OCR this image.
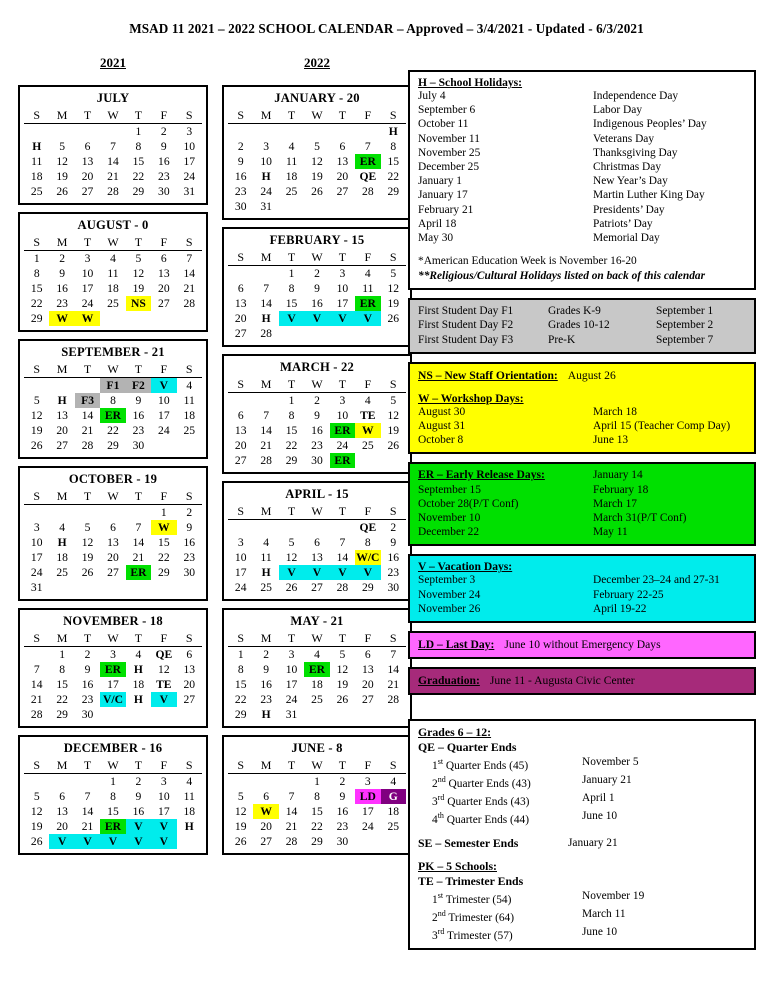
MSAD 11 2021 – 2022 SCHOOL CALENDAR – Approved – 3/4/2021 - Updated - 6/3/2021
2021	2022
JULY
S	M	T	W	T	F	S

				1	2	3

H	5	6	7	8	9	10

11	12	13	14	15	16	17

18	19	20	21	22	23	24

25	26	27	28	29	30	31
AUGUST - 0
S	M	T	W	T	F	S

1	2	3	4	5	6	7

8	9	10	11	12	13	14

15	16	17	18	19	20	21

22	23	24	25	NS	27	28

29	W	W				

SEPTEMBER - 21
S	M	T	W	T	F	S

			F1	F2	V	4

5	H	F3	8	9	10	11

12	13	14	ER	16	17	18

19	20	21	22	23	24	25

26	27	28	29	30		

OCTOBER - 19
S	M	T	W	T	F	S

					1	2

3	4	5	6	7	W	9

10	H	12	13	14	15	16

17	18	19	20	21	22	23

24	25	26	27	ER	29	30

31						

NOVEMBER - 18
S	M	T	W	T	F	S

	1	2	3	4	QE	6

7	8	9	ER	H	12	13

14	15	16	17	18	TE	20

21	22	23	V/C	H	V	27

28	29	30				

DECEMBER - 16
S	M	T	W	T	F	S

			1	2	3	4

5	6	7	8	9	10	11

12	13	14	15	16	17	18

19	20	21	ER	V	V	H

26	V	V	V	V	V	

JANUARY - 20
S	M	T	W	T	F	S

						H

2	3	4	5	6	7	8

9	10	11	12	13	ER	15

16	H	18	19	20	QE	22

23	24	25	26	27	28	29

30	31					

FEBRUARY - 15
S	M	T	W	T	F	S

		1	2	3	4	5

6	7	8	9	10	11	12

13	14	15	16	17	ER	19

20	H	V	V	V	V	26

27	28					

MARCH - 22
S	M	T	W	T	F	S

		1	2	3	4	5

6	7	8	9	10	TE	12

13	14	15	16	ER	W	19

20	21	22	23	24	25	26

27	28	29	30	ER		

APRIL - 15
S	M	T	W	T	F	S

					QE	2

3	4	5	6	7	8	9

10	11	12	13	14	W/C	16

17	H	V	V	V	V	23

24	25	26	27	28	29	30
MAY - 21
S	M	T	W	T	F	S

1	2	3	4	5	6	7

8	9	10	ER	12	13	14

15	16	17	18	19	20	21

22	23	24	25	26	27	28

29	H	31				

JUNE - 8
S	M	T	W	T	F	S

			1	2	3	4

5	6	7	8	9	LD	G

12	W	14	15	16	17	18

19	20	21	22	23	24	25

26	27	28	29	30		

H – School Holidays:
July 4	Independence Day
September 6	Labor Day
October 11	Indigenous Peoples’ Day
November 11	Veterans Day
November 25	Thanksgiving Day
December 25	Christmas Day
January 1	New Year’s Day
January 17	Martin Luther King Day
February 21	Presidents’ Day
April 18	Patriots’ Day
May 30	Memorial Day
*American Education Week is November 16-20
**Religious/Cultural Holidays listed on back of this calendar
First Student Day F1	Grades K-9	September 1
First Student Day F2	Grades 10-12	September 2
First Student Day F3	Pre-K	September 7
NS – New Staff Orientation: August 26
W – Workshop Days:
August 30	March 18
August 31	April 15 (Teacher Comp Day)
October 8	June 13
ER – Early Release Days:	January 14
September 15	February 18
October 28(P/T Conf)	March 17
November 10	March 31(P/T Conf)
December 22	May 11
V – Vacation Days:
September 3	December 23–24 and 27-31
November 24	February 22-25
November 26	April 19-22
LD – Last Day: June 10 without Emergency Days
Graduation: June 11 - Augusta Civic Center
Grades 6 – 12:
QE – Quarter Ends
1st Quarter Ends (45)	November 5
2nd Quarter Ends (43)	January 21
3rd Quarter Ends (43)	April 1
4th Quarter Ends (44)	June 10
SE – Semester Ends	January 21
PK – 5 Schools:
TE – Trimester Ends
1st Trimester (54)	November 19
2nd Trimester (64)	March 11
3rd Trimester (57)	June 10
